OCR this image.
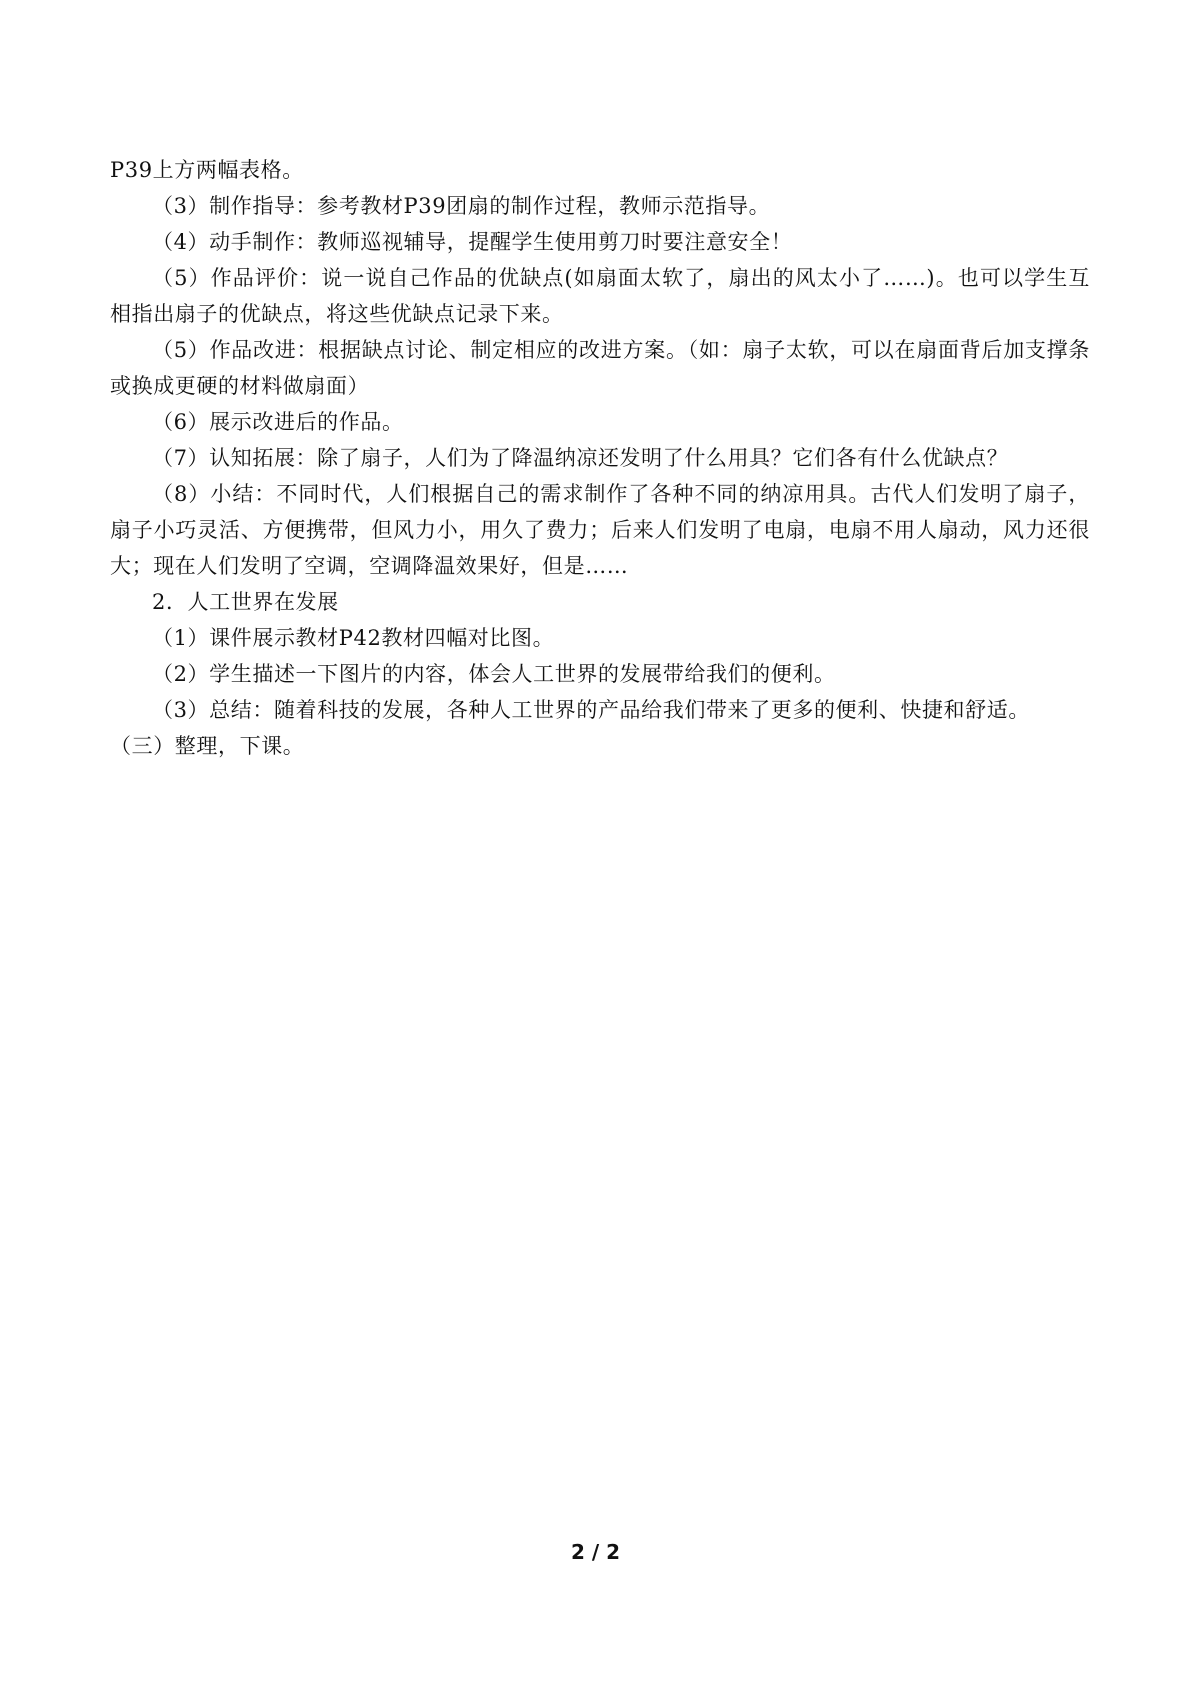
P39上方两幅表格。

（3）制作指导：参考教材P39团扇的制作过程，教师示范指导。

（4）动手制作：教师巡视辅导，提醒学生使用剪刀时要注意安全！

（5）作品评价：说一说自己作品的优缺点(如扇面太软了，扇出的风太小了……)。也可以学生互相指出扇子的优缺点，将这些优缺点记录下来。

（5）作品改进：根据缺点讨论、制定相应的改进方案。（如：扇子太软，可以在扇面背后加支撑条或换成更硬的材料做扇面）

（6）展示改进后的作品。

（7）认知拓展：除了扇子，人们为了降温纳凉还发明了什么用具？它们各有什么优缺点？

（8）小结：不同时代，人们根据自己的需求制作了各种不同的纳凉用具。古代人们发明了扇子，扇子小巧灵活、方便携带，但风力小，用久了费力；后来人们发明了电扇，电扇不用人扇动，风力还很大；现在人们发明了空调，空调降温效果好，但是……

2．人工世界在发展

（1）课件展示教材P42教材四幅对比图。

（2）学生描述一下图片的内容，体会人工世界的发展带给我们的便利。

（3）总结：随着科技的发展，各种人工世界的产品给我们带来了更多的便利、快捷和舒适。

（三）整理，下课。

2 / 2
